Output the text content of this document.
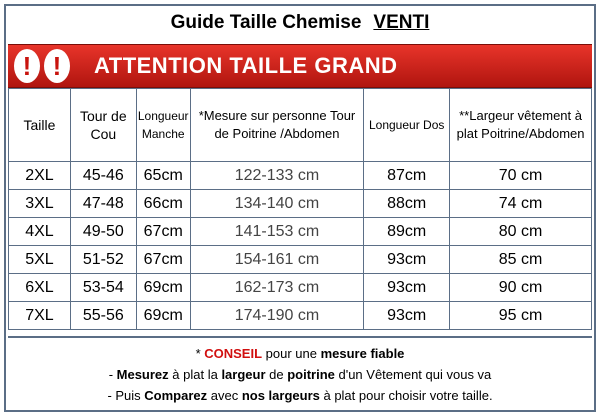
Guide Taille Chemise VENTI
! !	ATTENTION TAILLE GRAND
Taille	Tour de Cou	Longueur Manche	*Mesure sur personne Tour de Poitrine /Abdomen	Longueur Dos	**Largeur vêtement à plat Poitrine/Abdomen
2XL	45-46	65cm	122-133 cm	87cm	70 cm
3XL	47-48	66cm	134-140 cm	88cm	74 cm
4XL	49-50	67cm	141-153 cm	89cm	80 cm
5XL	51-52	67cm	154-161 cm	93cm	85 cm
6XL	53-54	69cm	162-173 cm	93cm	90 cm
7XL	55-56	69cm	174-190 cm	93cm	95 cm
* CONSEIL pour une mesure fiable
- Mesurez à plat la largeur de poitrine d'un Vêtement qui vous va
- Puis Comparez avec nos largeurs à plat pour choisir votre taille.
